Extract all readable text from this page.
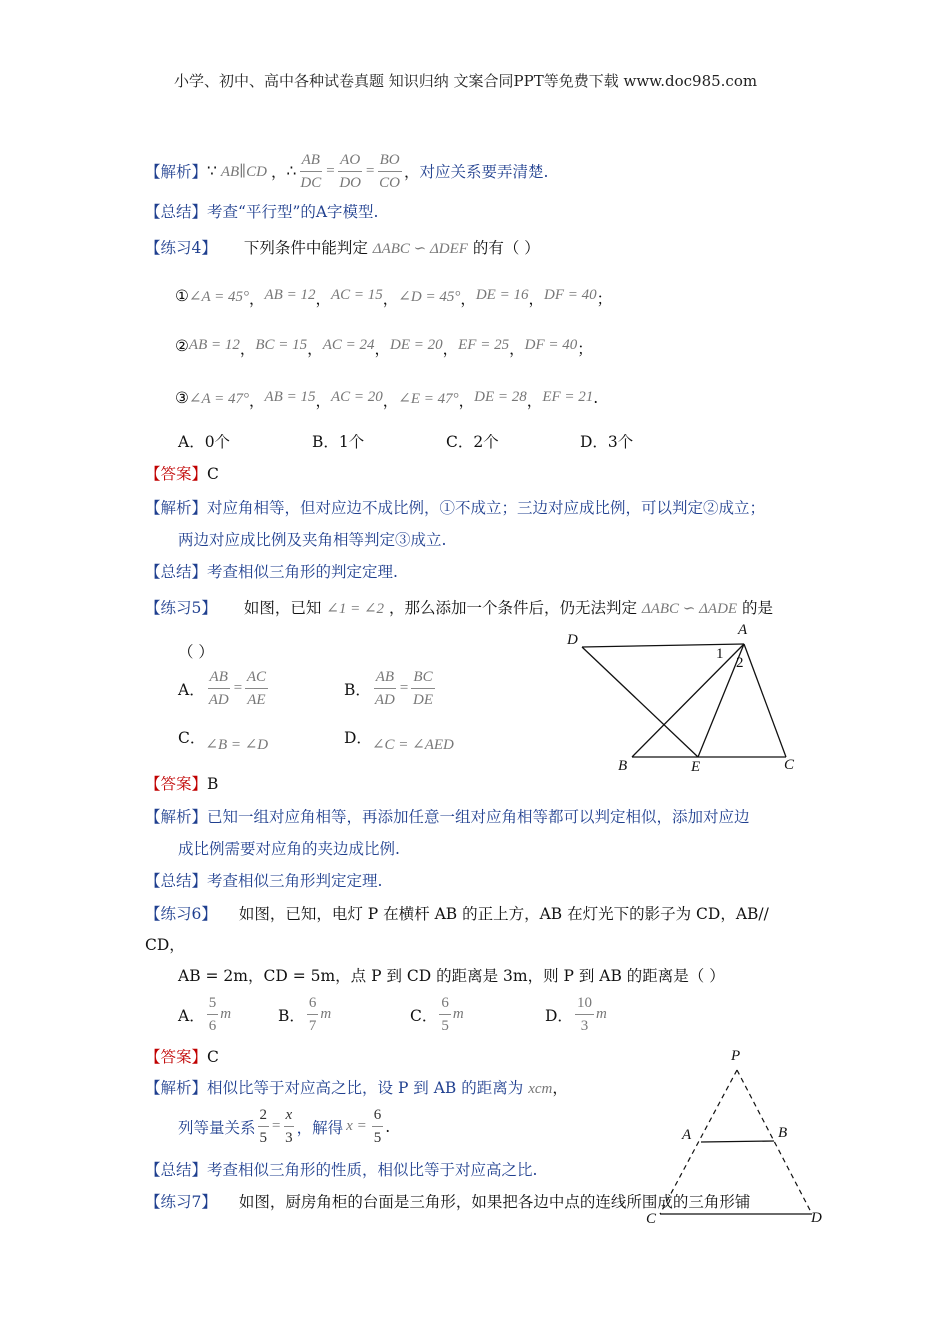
小学、初中、高中各种试卷真题 知识归纳 文案合同PPT等免费下载 www.doc985.com
【解析】 ∵ AB∥CD ， ∴ $\frac{AB}{DC} = \frac{AO}{DO} = \frac{BO}{CO}$ ， 对应关系要弄清楚.
【总结】考查“平行型”的A字模型.
【练习4】 下列条件中能判定 ΔABC ∽ ΔDEF 的有（ ）
① ∠A = 45° ， AB = 12 ， AC = 15 ， ∠D = 45° ， DE = 16 ， DF = 40 ；
② AB = 12 ， BC = 15 ， AC = 24 ， DE = 20 ， EF = 25 ， DF = 40 ；
③ ∠A = 47° ， AB = 15 ， AC = 20 ， ∠E = 47° ， DE = 28 ， EF = 21 .
A．0个	B．1个	C．2个	D．3个
【答案】C
【解析】对应角相等，但对应边不成比例，①不成立；三边对应成比例，可以判定②成立；
两边对应成比例及夹角相等判定③成立.
【总结】考查相似三角形的判定定理.
【练习5】 如图，已知 ∠1 = ∠2 ，那么添加一个条件后，仍无法判定 ΔABC ∽ ΔADE 的是
（ ）
A． $\frac{AB}{AD} = \frac{AC}{AE}$	B． $\frac{AB}{AD} = \frac{BC}{DE}$
C．∠B = ∠D	D．∠C = ∠AED
D
A
1
2
B	E	C
【答案】B
【解析】已知一组对应角相等，再添加任意一组对应角相等都可以判定相似，添加对应边
成比例需要对应角的夹边成比例.
【总结】考查相似三角形判定定理.
【练习6】 如图，已知，电灯 P 在横杆 AB 的正上方，AB 在灯光下的影子为 CD，AB//
CD，
AB = 2m，CD = 5m，点 P 到 CD 的距离是 3m，则 P 到 AB 的距离是（ ）
A． $\frac{5}{6}$ m	B． $\frac{6}{7}$ m	C． $\frac{6}{5}$ m	D． $\frac{10}{3}$ m
【答案】C
【解析】相似比等于对应高之比，设 P 到 AB 的距离为 xcm，
列等量关系 $\frac{2}{5} = \frac{x}{3}$ ，解得 $x = \frac{6}{5}$ .
【总结】考查相似三角形的性质，相似比等于对应高之比.
P
A	B
C	D
【练习7】 如图，厨房角柜的台面是三角形，如果把各边中点的连线所围成的三角形铺
